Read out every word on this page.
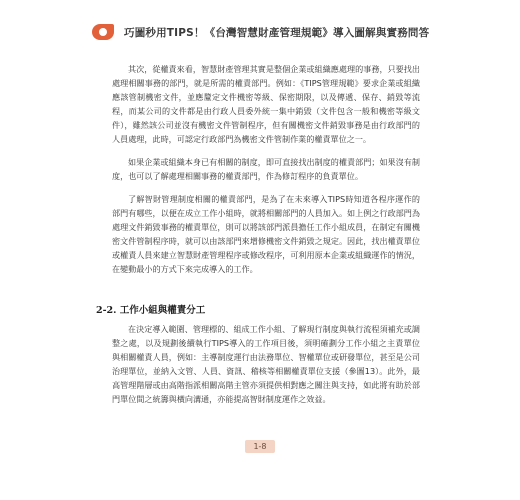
巧圖秒用TIPS！《台灣智慧財產管理規範》導入圖解與實務問答

其次，從權責來看，智慧財產管理其實是整個企業或組織應處理的事務，只要找出處理相關事務的部門，就是所需的權責部門。例如：《TIPS管理規範》要求企業或組織應該管制機密文件，並應釐定文件機密等級、保密期限，以及傳遞、保存、銷毀等流程，而某公司的文件都是由行政人員委外統一集中銷毀（文件包含一般和機密等級文件），雖然該公司並沒有機密文件管制程序，但有關機密文件銷毀事務是由行政部門的人員處理，此時，可認定行政部門為機密文件管制作業的權責單位之一。

如果企業或組織本身已有相關的制度，即可直接找出制度的權責部門；如果沒有制度，也可以了解處理相關事務的權責部門，作為修訂程序的負責單位。

了解智財管理制度相關的權責部門，是為了在未來導入TIPS時知道各程序運作的部門有哪些，以便在成立工作小組時，就將相關部門的人員加入。如上例之行政部門為處理文件銷毀事務的權責單位，則可以將該部門派員擔任工作小組成員，在制定有關機密文件管制程序時，就可以由該部門來增修機密文件銷毀之規定。因此，找出權責單位或權責人員來建立智慧財產管理程序或修改程序，可利用原本企業或組織運作的情況，在變動最小的方式下來完成導入的工作。

2-2. 工作小組與權責分工

在決定導入範圍、管理標的、組成工作小組、了解現行制度與執行流程須補充或調整之處，以及規劃後續執行TIPS導入的工作項目後，須明確劃分工作小組之主責單位與相關權責人員，例如：主導制度運行由法務單位、智權單位或研發單位，甚至是公司治理單位，並納入文管、人員、資訊、稽核等相關權責單位支援（參圖13）。此外，最高管理階層或由高階指派相關高階主管亦須提供相對應之關注與支持，如此將有助於部門單位間之統籌與橫向溝通，亦能提高智財制度運作之效益。

1-8
